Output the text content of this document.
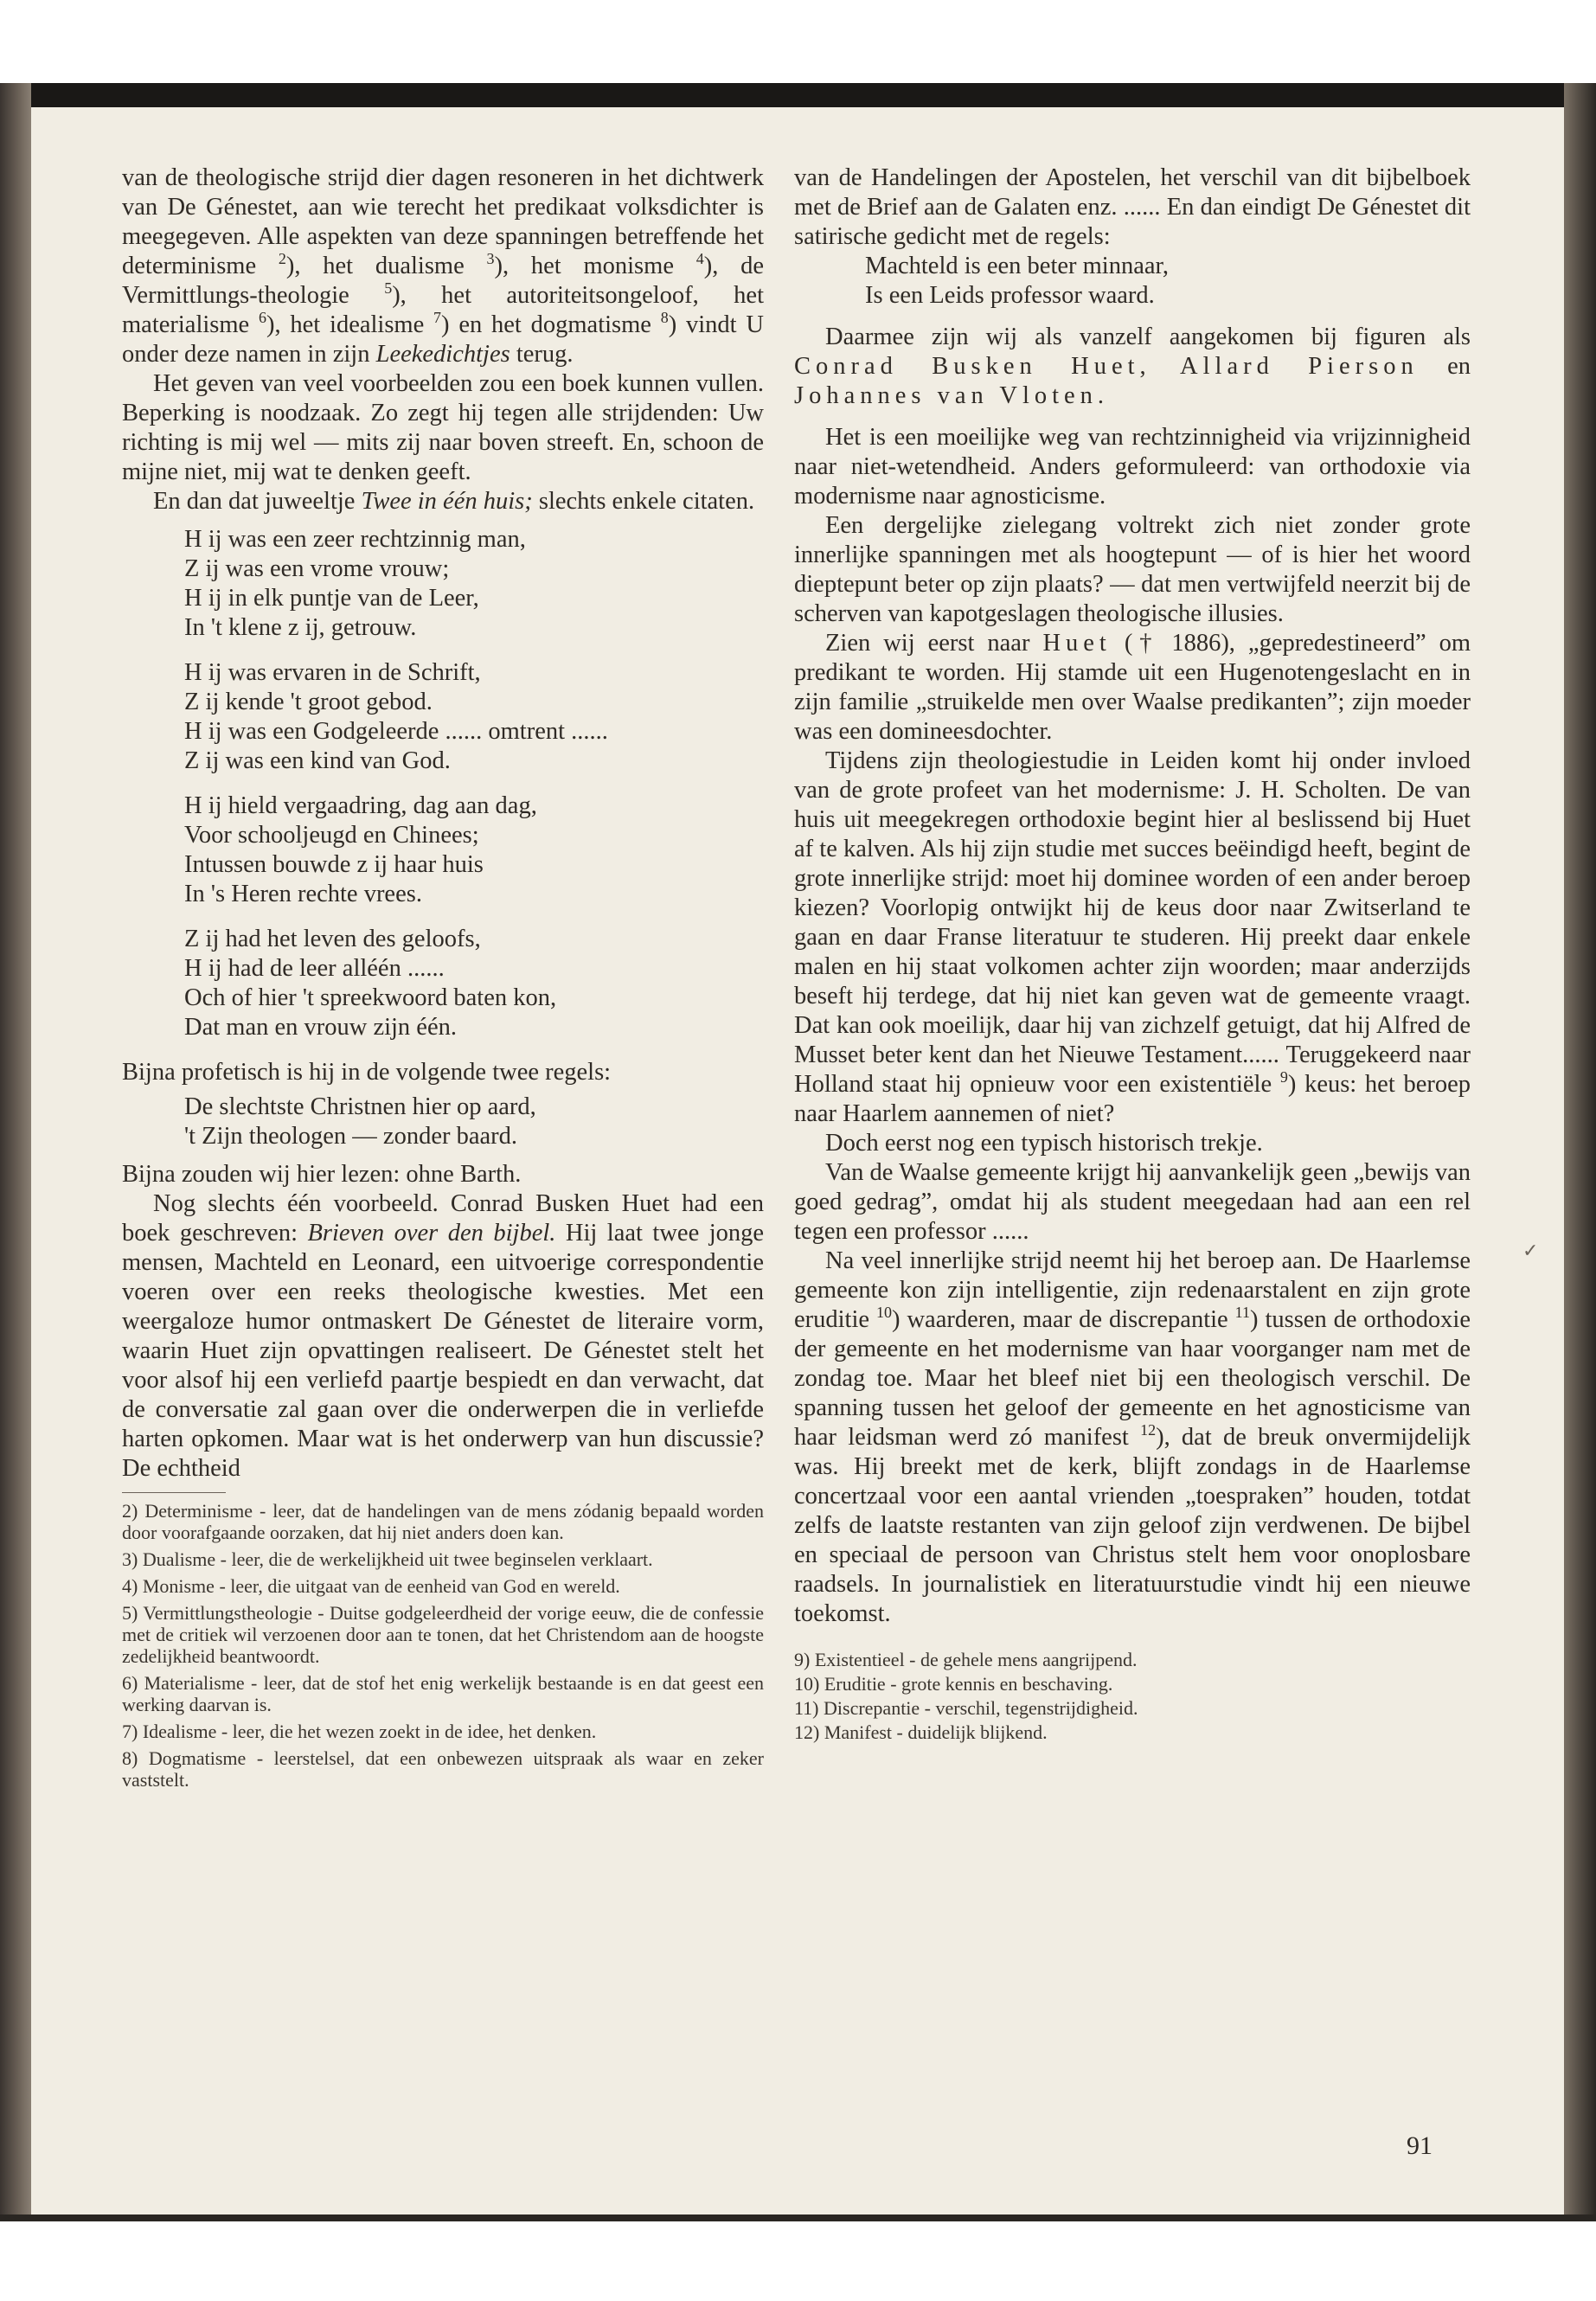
van de theologische strijd dier dagen resoneren in het dichtwerk van De Génestet, aan wie terecht het predikaat volksdichter is meegegeven. Alle aspekten van deze spanningen betreffende het determinisme $^2$), het dualisme $^3$), het monisme $^4$), de Vermittlungs-theologie $^5$), het autoriteitsongeloof, het materialisme $^6$), het idealisme $^7$) en het dogmatisme $^8$) vindt U onder deze namen in zijn Leekedichtjes terug.

Het geven van veel voorbeelden zou een boek kunnen vullen. Beperking is noodzaak. Zo zegt hij tegen alle strijdenden: Uw richting is mij wel — mits zij naar boven streeft. En, schoon de mijne niet, mij wat te denken geeft.

En dan dat juweeltje Twee in één huis; slechts enkele citaten.

H ij was een zeer rechtzinnig man,
Z ij was een vrome vrouw;
H ij in elk puntje van de Leer,
In 't klene z ij, getrouw.
H ij was ervaren in de Schrift,
Z ij kende 't groot gebod.
H ij was een Godgeleerde ...... omtrent ......
Z ij was een kind van God.
H ij hield vergaadring, dag aan dag,
Voor schooljeugd en Chinees;
Intussen bouwde z ij haar huis
In 's Heren rechte vrees.
Z ij had het leven des geloofs,
H ij had de leer alléén ......
Och of hier 't spreekwoord baten kon,
Dat man en vrouw zijn één.

Bijna profetisch is hij in de volgende twee regels:

De slechtste Christnen hier op aard,
't Zijn theologen — zonder baard.

Bijna zouden wij hier lezen: ohne Barth.

Nog slechts één voorbeeld. Conrad Busken Huet had een boek geschreven: Brieven over den bijbel. Hij laat twee jonge mensen, Machteld en Leonard, een uitvoerige correspondentie voeren over een reeks theologische kwesties. Met een weergaloze humor ontmaskert De Génestet de literaire vorm, waarin Huet zijn opvattingen realiseert. De Génestet stelt het voor alsof hij een verliefd paartje bespiedt en dan verwacht, dat de conversatie zal gaan over die onderwerpen die in verliefde harten opkomen. Maar wat is het onderwerp van hun discussie? De echtheid

2) Determinisme - leer, dat de handelingen van de mens zódanig bepaald worden door voorafgaande oorzaken, dat hij niet anders doen kan.

3) Dualisme - leer, die de werkelijkheid uit twee beginselen verklaart.

4) Monisme - leer, die uitgaat van de eenheid van God en wereld.

5) Vermittlungstheologie - Duitse godgeleerdheid der vorige eeuw, die de confessie met de critiek wil verzoenen door aan te tonen, dat het Christendom aan de hoogste zedelijkheid beantwoordt.

6) Materialisme - leer, dat de stof het enig werkelijk bestaande is en dat geest een werking daarvan is.

7) Idealisme - leer, die het wezen zoekt in de idee, het denken.

8) Dogmatisme - leerstelsel, dat een onbewezen uitspraak als waar en zeker vaststelt.

van de Handelingen der Apostelen, het verschil van dit bijbelboek met de Brief aan de Galaten enz. ...... En dan eindigt De Génestet dit satirische gedicht met de regels:

Machteld is een beter minnaar,
Is een Leids professor waard.

Daarmee zijn wij als vanzelf aangekomen bij figuren als Conrad Busken Huet, Allard Pierson en Johannes van Vloten.

Het is een moeilijke weg van rechtzinnigheid via vrijzinnigheid naar niet-wetendheid. Anders geformuleerd: van orthodoxie via modernisme naar agnosticisme.

Een dergelijke zielegang voltrekt zich niet zonder grote innerlijke spanningen met als hoogtepunt — of is hier het woord dieptepunt beter op zijn plaats? — dat men vertwijfeld neerzit bij de scherven van kapotgeslagen theologische illusies.

Zien wij eerst naar Huet († 1886), „gepredestineerd” om predikant te worden. Hij stamde uit een Hugenotengeslacht en in zijn familie „struikelde men over Waalse predikanten”; zijn moeder was een domineesdochter.

Tijdens zijn theologiestudie in Leiden komt hij onder invloed van de grote profeet van het modernisme: J. H. Scholten. De van huis uit meegekregen orthodoxie begint hier al beslissend bij Huet af te kalven. Als hij zijn studie met succes beëindigd heeft, begint de grote innerlijke strijd: moet hij dominee worden of een ander beroep kiezen? Voorlopig ontwijkt hij de keus door naar Zwitserland te gaan en daar Franse literatuur te studeren. Hij preekt daar enkele malen en hij staat volkomen achter zijn woorden; maar anderzijds beseft hij terdege, dat hij niet kan geven wat de gemeente vraagt. Dat kan ook moeilijk, daar hij van zichzelf getuigt, dat hij Alfred de Musset beter kent dan het Nieuwe Testament...... Teruggekeerd naar Holland staat hij opnieuw voor een existentiële $^9$) keus: het beroep naar Haarlem aannemen of niet?

Doch eerst nog een typisch historisch trekje.

Van de Waalse gemeente krijgt hij aanvankelijk geen „bewijs van goed gedrag”, omdat hij als student meegedaan had aan een rel tegen een professor ......

Na veel innerlijke strijd neemt hij het beroep aan. De Haarlemse gemeente kon zijn intelligentie, zijn redenaarstalent en zijn grote eruditie $^{10}$) waarderen, maar de discrepantie $^{11}$) tussen de orthodoxie der gemeente en het modernisme van haar voorganger nam met de zondag toe. Maar het bleef niet bij een theologisch verschil. De spanning tussen het geloof der gemeente en het agnosticisme van haar leidsman werd zó manifest $^{12}$), dat de breuk onvermijdelijk was. Hij breekt met de kerk, blijft zondags in de Haarlemse concertzaal voor een aantal vrienden „toespraken” houden, totdat zelfs de laatste restanten van zijn geloof zijn verdwenen. De bijbel en speciaal de persoon van Christus stelt hem voor onoplosbare raadsels. In journalistiek en literatuurstudie vindt hij een nieuwe toekomst.

9) Existentieel - de gehele mens aangrijpend.

10) Eruditie - grote kennis en beschaving.

11) Discrepantie - verschil, tegenstrijdigheid.

12) Manifest - duidelijk blijkend.

✓
91
